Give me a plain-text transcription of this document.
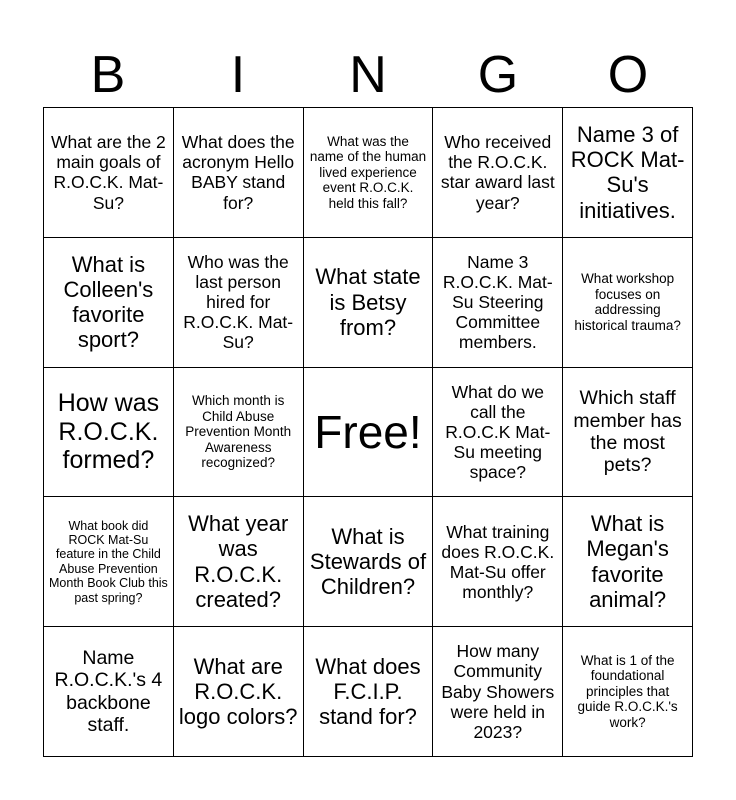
B	I	N	G	O
What are the 2 main goals of R.O.C.K. Mat-Su?
What does the acronym Hello BABY stand for?
What was the name of the human lived experience event R.O.C.K. held this fall?
Who received the R.O.C.K. star award last year?
Name 3 of ROCK Mat-Su's initiatives.
What is Colleen's favorite sport?
Who was the last person hired for R.O.C.K. Mat-Su?
What state is Betsy from?
Name 3 R.O.C.K. Mat-Su Steering Committee members.
What workshop focuses on addressing historical trauma?
How was R.O.C.K. formed?
Which month is Child Abuse Prevention Month Awareness recognized?
Free!
What do we call the R.O.C.K Mat-Su meeting space?
Which staff member has the most pets?
What book did ROCK Mat-Su feature in the Child Abuse Prevention Month Book Club this past spring?
What year was R.O.C.K. created?
What is Stewards of Children?
What training does R.O.C.K. Mat-Su offer monthly?
What is Megan's favorite animal?
Name R.O.C.K.'s 4 backbone staff.
What are R.O.C.K. logo colors?
What does F.C.I.P. stand for?
How many Community Baby Showers were held in 2023?
What is 1 of the foundational principles that guide R.O.C.K.'s work?
